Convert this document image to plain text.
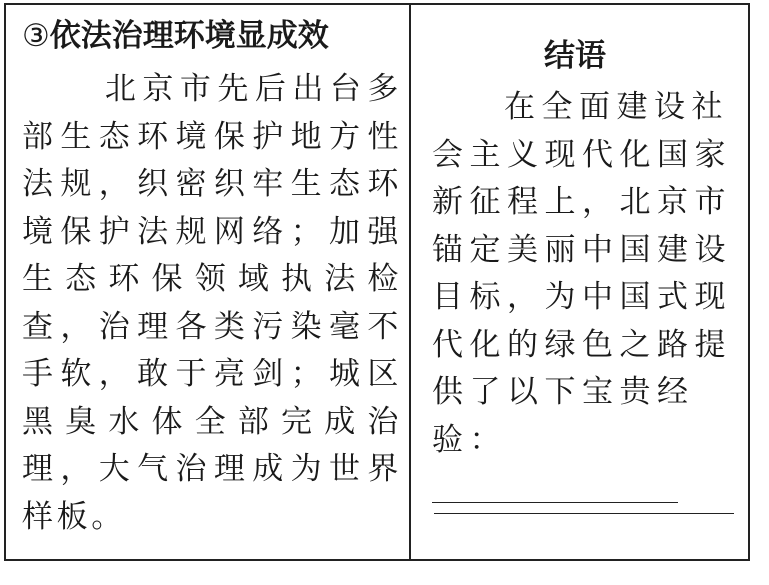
③依法治理环境显成效
北京市先后出台多部生态环境保护地方性法规，织密织牢生态环境保护法规网络；加强生态环保领域执法检查，治理各类污染毫不手软，敢于亮剑；城区黑臭水体全部完成治理，大气治理成为世界样板。
结语
在全面建设社会主义现代化国家新征程上，北京市锚定美丽中国建设目标，为中国式现代化的绿色之路提供了以下宝贵经验：
